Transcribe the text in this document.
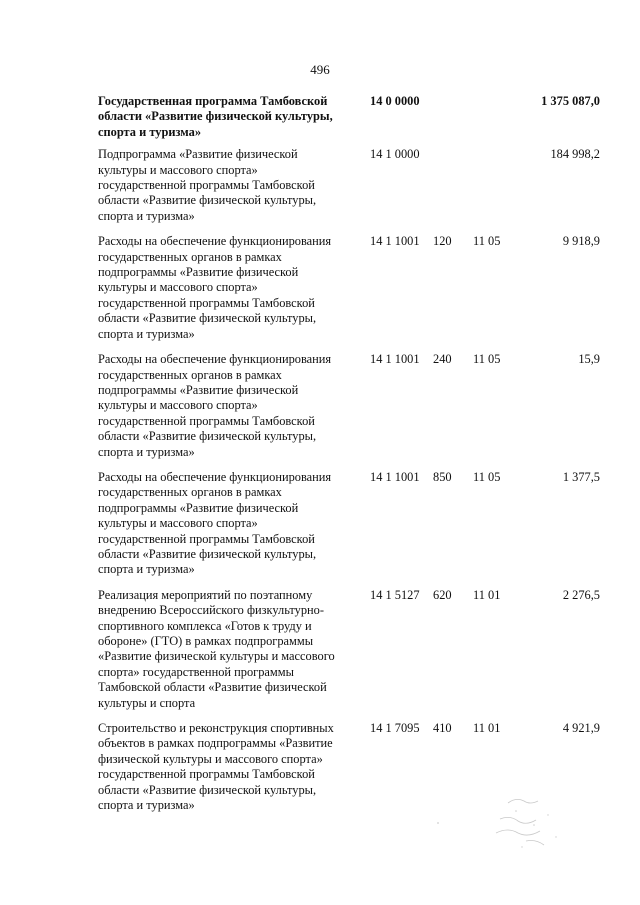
496
Государственная программа Тамбовской
области «Развитие физической культуры,
спорта и туризма»
14 0 0000	1 375 087,0
Подпрограмма «Развитие физической
культуры и массового спорта»
государственной программы Тамбовской
области «Развитие физической культуры,
спорта и туризма»
14 1 0000	184 998,2
Расходы на обеспечение функционирования
государственных органов в рамках
подпрограммы «Развитие физической
культуры и массового спорта»
государственной программы Тамбовской
области «Развитие физической культуры,
спорта и туризма»
14 1 1001 120 11 05	9 918,9
Расходы на обеспечение функционирования
государственных органов в рамках
подпрограммы «Развитие физической
культуры и массового спорта»
государственной программы Тамбовской
области «Развитие физической культуры,
спорта и туризма»
14 1 1001 240 11 05	15,9
Расходы на обеспечение функционирования
государственных органов в рамках
подпрограммы «Развитие физической
культуры и массового спорта»
государственной программы Тамбовской
области «Развитие физической культуры,
спорта и туризма»
14 1 1001 850 11 05	1 377,5
Реализация мероприятий по поэтапному
внедрению Всероссийского физкультурно-
спортивного комплекса «Готов к труду и
обороне» (ГТО) в рамках подпрограммы
«Развитие физической культуры и массового
спорта» государственной программы
Тамбовской области «Развитие физической
культуры и спорта
14 1 5127 620 11 01	2 276,5
Строительство и реконструкция спортивных
объектов в рамках подпрограммы «Развитие
физической культуры и массового спорта»
государственной программы Тамбовской
области «Развитие физической культуры,
спорта и туризма»
14 1 7095 410 11 01	4 921,9
